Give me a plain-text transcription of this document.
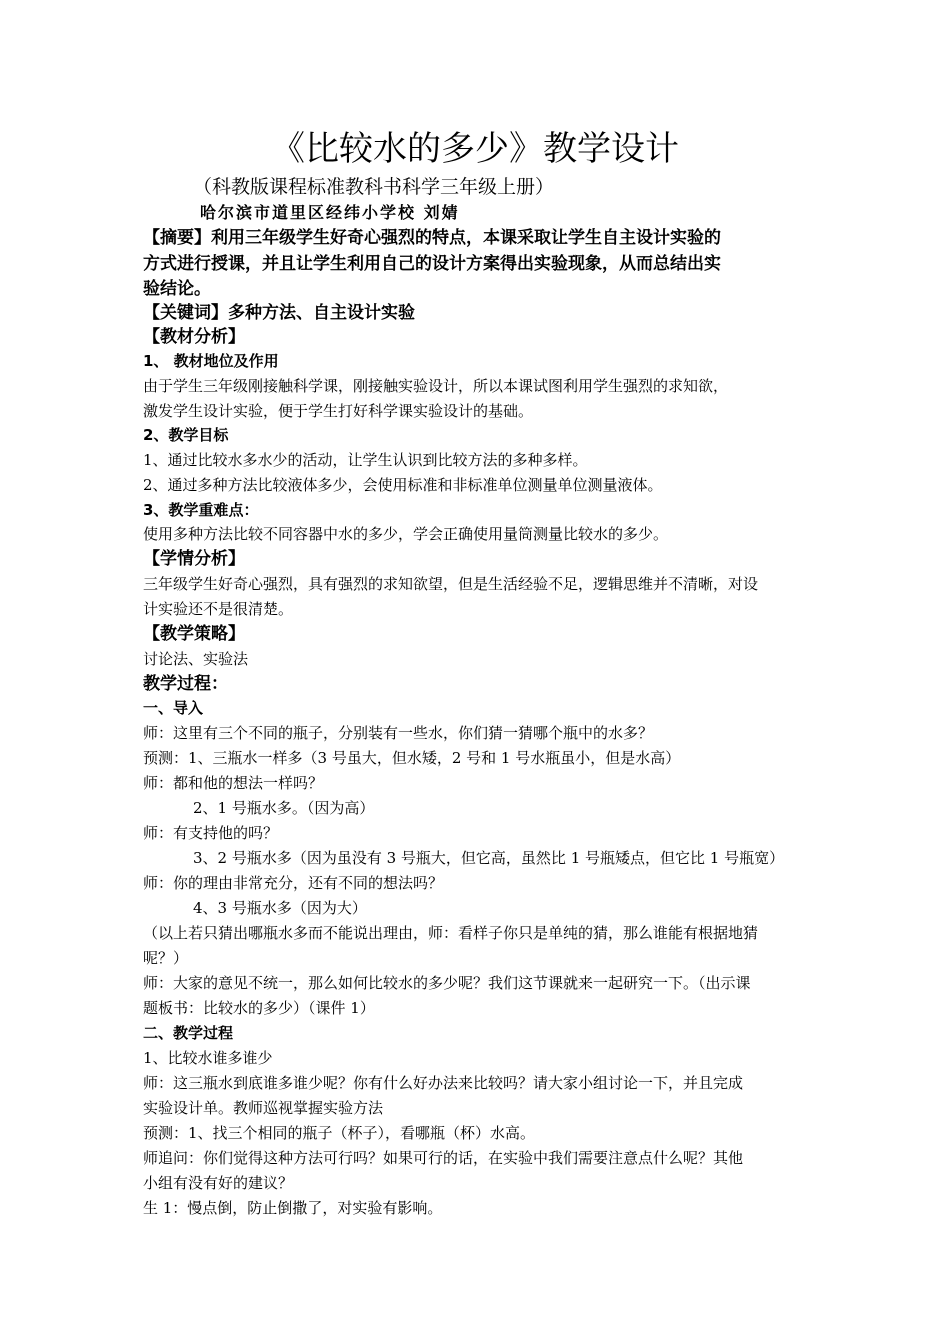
《比较水的多少》教学设计
（科教版课程标准教科书科学三年级上册）
哈尔滨市道里区经纬小学校 刘婧
【摘要】利用三年级学生好奇心强烈的特点，本课采取让学生自主设计实验的
方式进行授课，并且让学生利用自己的设计方案得出实验现象，从而总结出实
验结论。
【关键词】多种方法、自主设计实验
【教材分析】
1、 教材地位及作用
由于学生三年级刚接触科学课，刚接触实验设计，所以本课试图利用学生强烈的求知欲，
激发学生设计实验，便于学生打好科学课实验设计的基础。
2、教学目标
1、通过比较水多水少的活动，让学生认识到比较方法的多种多样。
2、通过多种方法比较液体多少，会使用标准和非标准单位测量单位测量液体。
3、教学重难点：
使用多种方法比较不同容器中水的多少，学会正确使用量筒测量比较水的多少。
【学情分析】
三年级学生好奇心强烈，具有强烈的求知欲望，但是生活经验不足，逻辑思维并不清晰，对设
计实验还不是很清楚。
【教学策略】
讨论法、实验法
教学过程：
一、导入
师：这里有三个不同的瓶子，分别装有一些水，你们猜一猜哪个瓶中的水多？
预测：1、三瓶水一样多（3 号虽大，但水矮，2 号和 1 号水瓶虽小，但是水高）
师：都和他的想法一样吗？
2、1 号瓶水多。（因为高）
师：有支持他的吗？
3、2 号瓶水多（因为虽没有 3 号瓶大，但它高，虽然比 1 号瓶矮点，但它比 1 号瓶宽）
师：你的理由非常充分，还有不同的想法吗？
4、3 号瓶水多（因为大）
（以上若只猜出哪瓶水多而不能说出理由，师：看样子你只是单纯的猜，那么谁能有根据地猜
呢？）
师：大家的意见不统一，那么如何比较水的多少呢？我们这节课就来一起研究一下。（出示课
题板书：比较水的多少）（课件 1）
二、教学过程
1、比较水谁多谁少
师：这三瓶水到底谁多谁少呢？你有什么好办法来比较吗？请大家小组讨论一下，并且完成
实验设计单。教师巡视掌握实验方法
预测：1、找三个相同的瓶子（杯子），看哪瓶（杯）水高。
师追问：你们觉得这种方法可行吗？如果可行的话，在实验中我们需要注意点什么呢？其他
小组有没有好的建议？
生 1：慢点倒，防止倒撒了，对实验有影响。
